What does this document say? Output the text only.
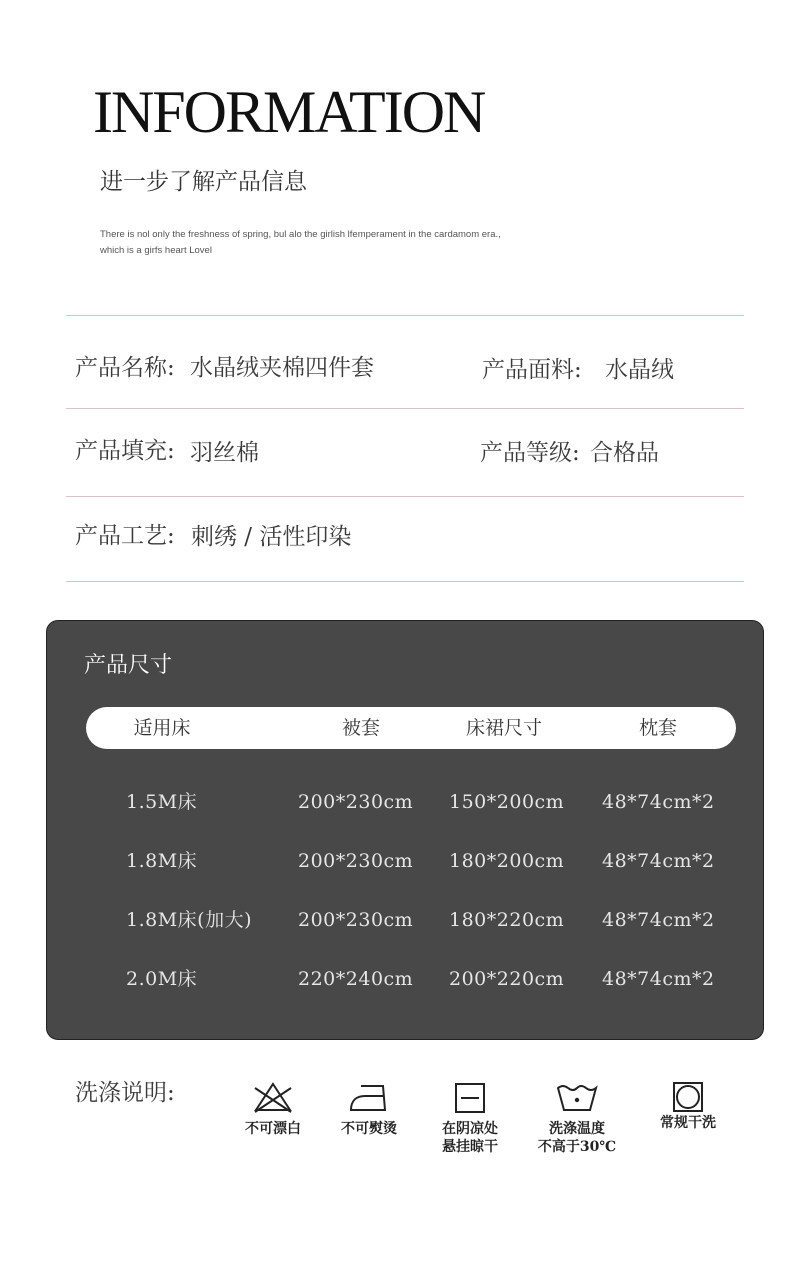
INFORMATION
进一步了解产品信息
There is nol only the freshness of spring, bul alo the girlish lfemperament in the cardamom era.,
which is a girfs heart Lovel
产品名称: 水晶绒夹棉四件套	产品面料: 水晶绒
产品填充: 羽丝棉	产品等级: 合格品
产品工艺: 刺绣 / 活性印染
产品尺寸
适用床	被套	床裙尺寸	枕套
1.5M床	200*230cm 150*200cm 48*74cm*2
1.8M床	200*230cm 180*200cm 48*74cm*2
1.8M床(加大) 200*230cm 180*220cm 48*74cm*2
2.0M床	220*240cm 200*220cm 48*74cm*2
洗涤说明:
不可漂白	不可熨烫	在阴凉处
悬挂晾干
洗涤温度
不高于30℃
常规干洗
